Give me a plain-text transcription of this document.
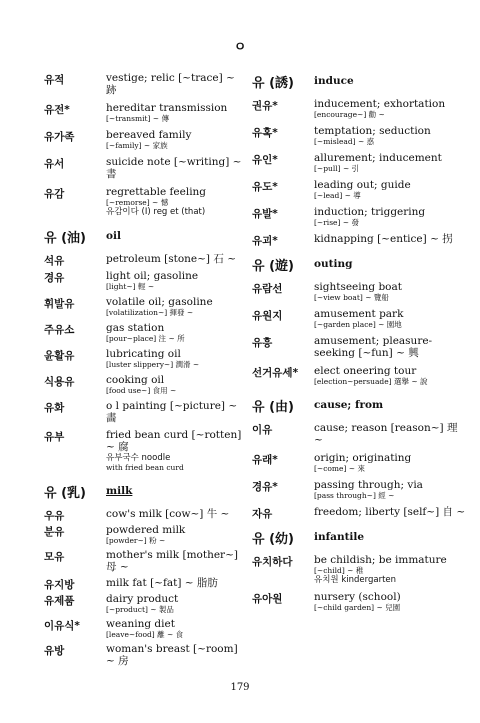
ㅇ
유적	vestige; relic [~trace] ~ 跡
유전*	hereditar transmission
[~transmit] ~ 傳
유가족	bereaved family
[~family] ~ 家族
유서	suicide note [~writing] ~ 書
유감	regrettable feeling
[~remorse] ~ 憾
유감이다 (I) reg et (that)
유 (油) oil
석유	petroleum [stone~] 石 ~
경유	light oil; gasoline
[light~] 輕 ~
휘발유	volatile oil; gasoline
[volatilization~] 揮發 ~
주유소	gas station
[pour~place] 注 ~ 所
윤활유	lubricating oil
[luster slippery~] 潤滑 ~
식용유	cooking oil
[food use~] 食用 ~
유화	o l painting [~picture] ~ 畵
유부	fried bean curd [~rotten] ~ 腐
유부국수 noodle
with fried bean curd
유 (乳) milk
우유	cow's milk [cow~] 牛 ~
분유	powdered milk
[powder~] 粉 ~
모유	mother's milk [mother~] 母 ~
유지방	milk fat [~fat] ~ 脂肪
유제품	dairy product
[~product] ~ 製品
이유식* weaning diet
[leave~food] 離 ~ 食
유방	woman's breast [~room] ~ 房
유 (誘) induce
권유*	inducement; exhortation
[encourage~] 勸 ~
유혹*	temptation; seduction
[~mislead] ~ 惑
유인*	allurement; inducement
[~pull] ~ 引
유도*	leading out; guide
[~lead] ~ 導
유발*	induction; triggering
[~rise] ~ 發
유괴*	kidnapping [~entice] ~ 拐
유 (遊) outing
유람선	sightseeing boat
[~view boat] ~ 覽船
유원지	amusement park
[~garden place] ~ 園地
유흥	amusement; pleasure-
seeking [~fun] ~ 興
선거유세* elect oneering tour
[election~persuade] 選擧 ~ 說
유 (由) cause; from
이유	cause; reason [reason~] 理 ~
유래*	origin; originating
[~come] ~ 來
경유*	passing through; via
[pass through~] 經 ~
자유	freedom; liberty [self~] 自 ~
유 (幼) infantile
유치하다 be childish; be immature
[~child] ~ 稚
유치원 kindergarten
유아원	nursery (school)
[~child garden] ~ 兒園
179
